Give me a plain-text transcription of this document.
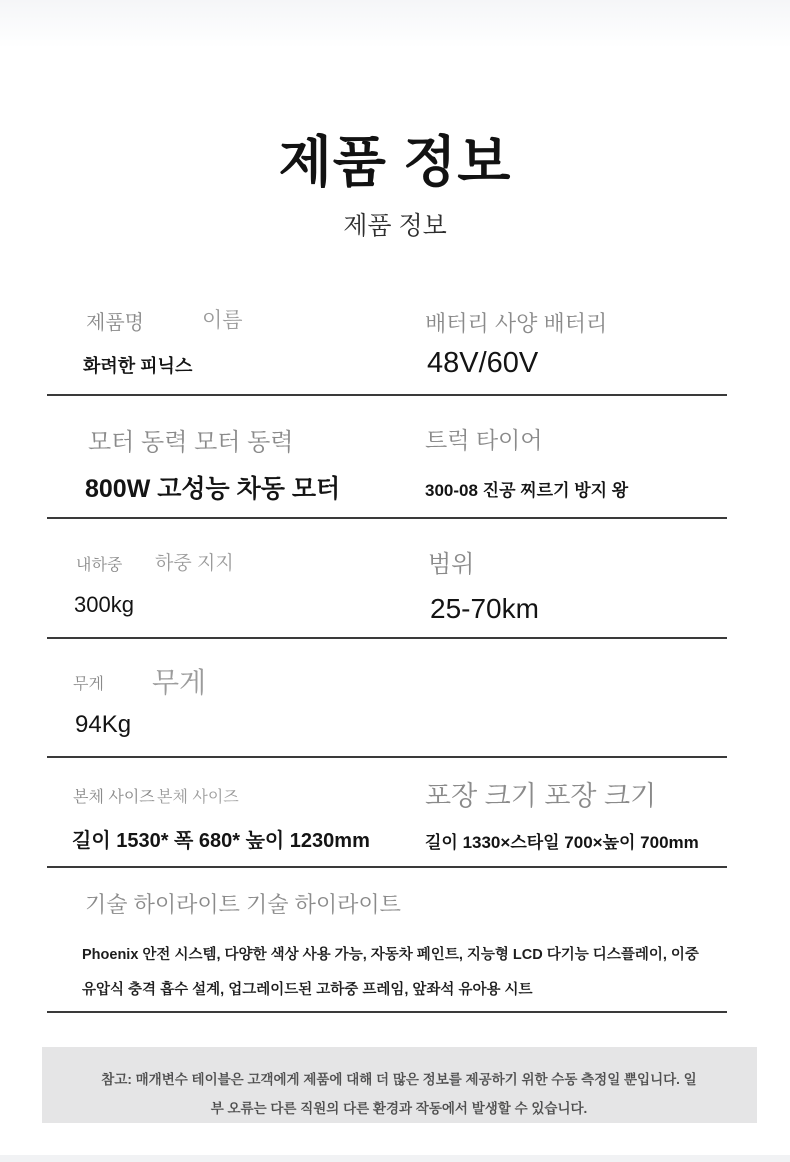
제품 정보
제품 정보
제품명	이름
화려한 피닉스
배터리 사양 배터리
48V/60V
모터 동력 모터 동력
800W 고성능 차동 모터
트럭 타이어
300-08 진공 찌르기 방지 왕
내하중 하중 지지
300kg
범위
25-70km
무게 무게
94Kg
본체 사이즈 본체 사이즈
길이 1530* 폭 680* 높이 1230mm
포장 크기 포장 크기
길이 1330×스타일 700×높이 700mm
기술 하이라이트 기술 하이라이트
Phoenix 안전 시스템, 다양한 색상 사용 가능, 자동차 페인트, 지능형 LCD 다기능 디스플레이, 이중 유압식 충격 흡수 설계, 업그레이드된 고하중 프레임, 앞좌석 유아용 시트
참고: 매개변수 테이블은 고객에게 제품에 대해 더 많은 정보를 제공하기 위한 수동 측정일 뿐입니다. 일부 오류는 다른 직원의 다른 환경과 작동에서 발생할 수 있습니다.
